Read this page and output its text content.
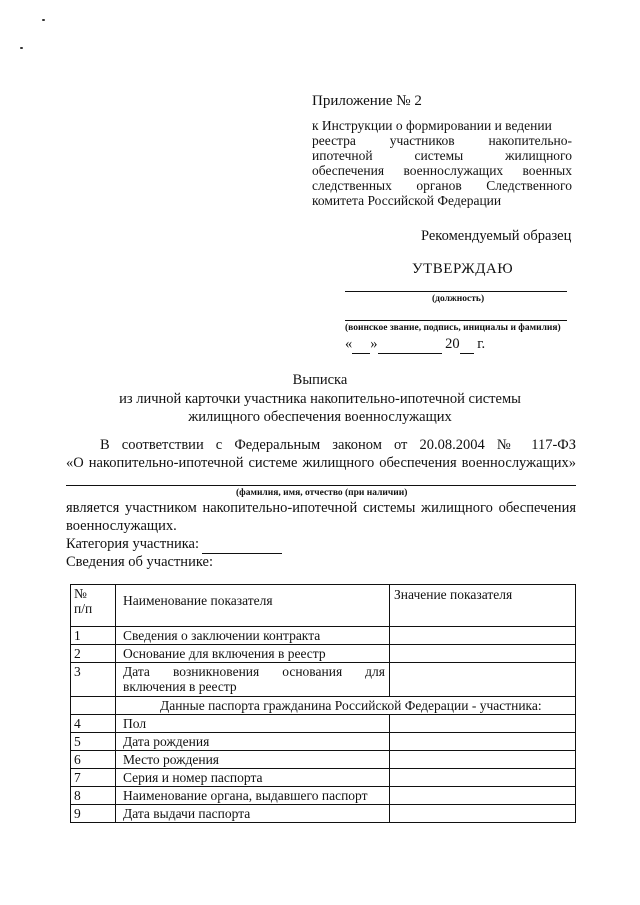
Приложение № 2
к Инструкции о формировании и ведении
реестра участников накопительно-
ипотечной системы жилищного
обеспечения военнослужащих военных
следственных органов Следственного
комитета Российской Федерации
Рекомендуемый образец
УТВЕРЖДАЮ
(должность)
(воинское звание, подпись, инициалы и фамилия)
« »	20 г.
Выписка
из личной карточки участника накопительно-ипотечной системы
жилищного обеспечения военнослужащих
В соответствии с Федеральным законом от 20.08.2004 № 117-ФЗ
«О накопительно-ипотечной системе жилищного обеспечения военнослужащих»
(фамилия, имя, отчество (при наличии)
является участником накопительно-ипотечной системы жилищного обеспечения
военнослужащих.
Категория участника:
Сведения об участнике:
№
п/п	Наименование показателя	Значение показателя
1	Сведения о заключении контракта	
2	Основание для включения в реестр	
3	Дата возникновения основания для
включения в реестр	

	Данные паспорта гражданина Российской Федерации - участника:	
4	Пол	
5	Дата рождения	
6	Место рождения	
7	Серия и номер паспорта	
8	Наименование органа, выдавшего паспорт	
9	Дата выдачи паспорта	
